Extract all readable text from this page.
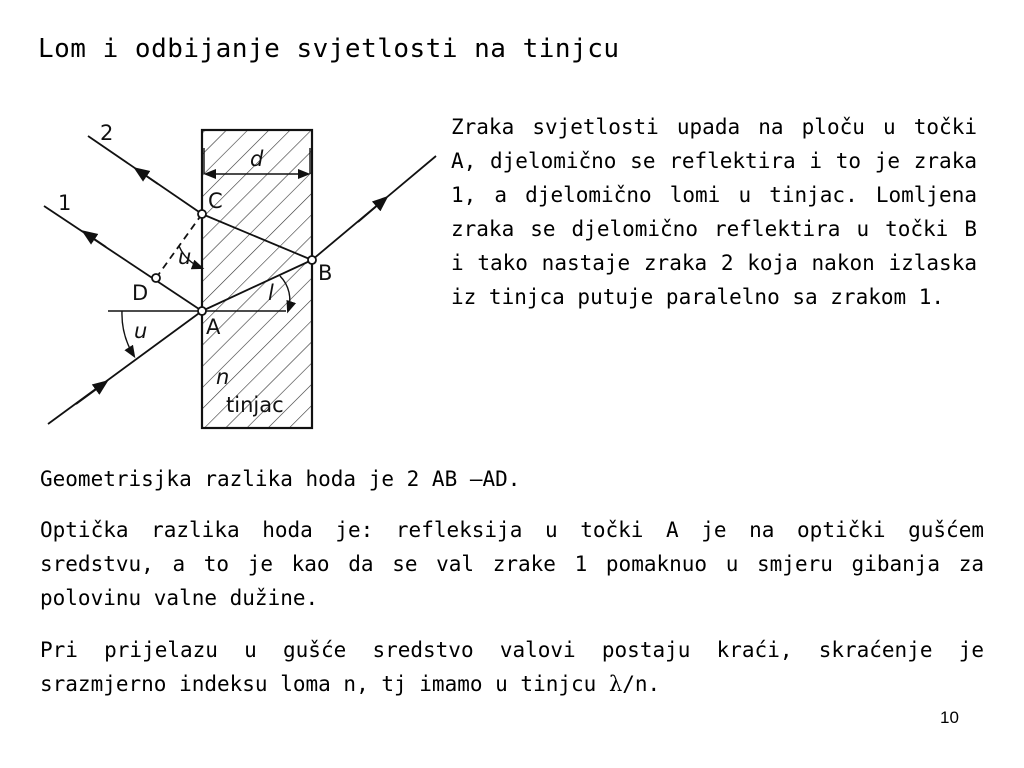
Lom i odbijanje svjetlosti na tinjcu
2
1
d
C
u
D
B
l
u	A
n
tinjac

Zraka svjetlosti upada na ploču u točki A, djelomično se reflektira i to je zraka 1, a djelomično lomi u tinjac. Lomljena zraka se djelomično reflektira u točki B i tako nastaje zraka 2 koja nakon izlaska iz tinjca putuje paralelno sa zrakom 1.

Geometrisjka razlika hoda je 2 AB –AD.

Optička razlika hoda je: refleksija u točki A je na optički gušćem sredstvu, a to je kao da se val zrake 1 pomaknuo u smjeru gibanja za polovinu valne dužine.

Pri prijelazu u gušće sredstvo valovi postaju kraći, skraćenje je srazmjerno indeksu loma n, tj imamo u tinjcu λ/n.

10
